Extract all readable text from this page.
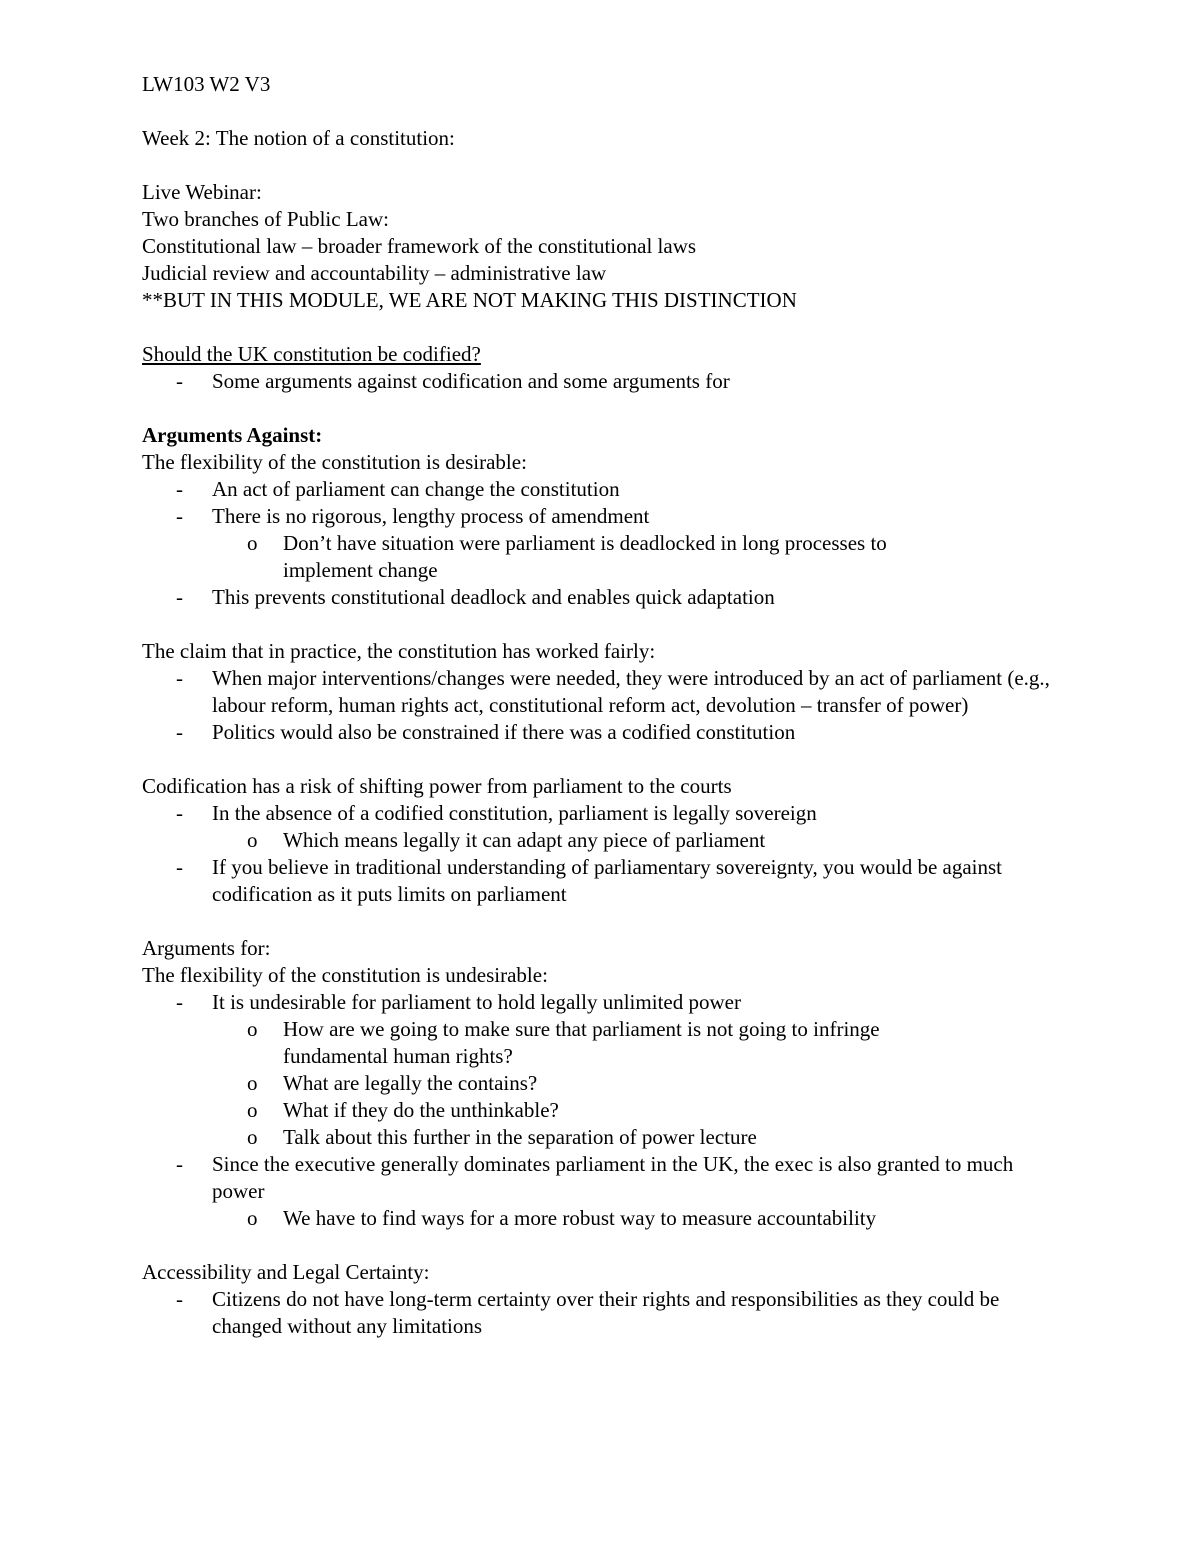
LW103 W2 V3
Week 2: The notion of a constitution:
Live Webinar:
Two branches of Public Law:
Constitutional law – broader framework of the constitutional laws
Judicial review and accountability – administrative law
**BUT IN THIS MODULE, WE ARE NOT MAKING THIS DISTINCTION
Should the UK constitution be codified?
- Some arguments against codification and some arguments for
Arguments Against:
The flexibility of the constitution is desirable:
- An act of parliament can change the constitution
- There is no rigorous, lengthy process of amendment
o Don’t have situation were parliament is deadlocked in long processes to implement change
- This prevents constitutional deadlock and enables quick adaptation
The claim that in practice, the constitution has worked fairly:
- When major interventions/changes were needed, they were introduced by an act of parliament (e.g., labour reform, human rights act, constitutional reform act, devolution – transfer of power)
- Politics would also be constrained if there was a codified constitution
Codification has a risk of shifting power from parliament to the courts
- In the absence of a codified constitution, parliament is legally sovereign
o Which means legally it can adapt any piece of parliament
- If you believe in traditional understanding of parliamentary sovereignty, you would be against codification as it puts limits on parliament
Arguments for:
The flexibility of the constitution is undesirable:
- It is undesirable for parliament to hold legally unlimited power
o How are we going to make sure that parliament is not going to infringe fundamental human rights?
o What are legally the contains?
o What if they do the unthinkable?
o Talk about this further in the separation of power lecture
- Since the executive generally dominates parliament in the UK, the exec is also granted to much power
o We have to find ways for a more robust way to measure accountability
Accessibility and Legal Certainty:
- Citizens do not have long-term certainty over their rights and responsibilities as they could be changed without any limitations
